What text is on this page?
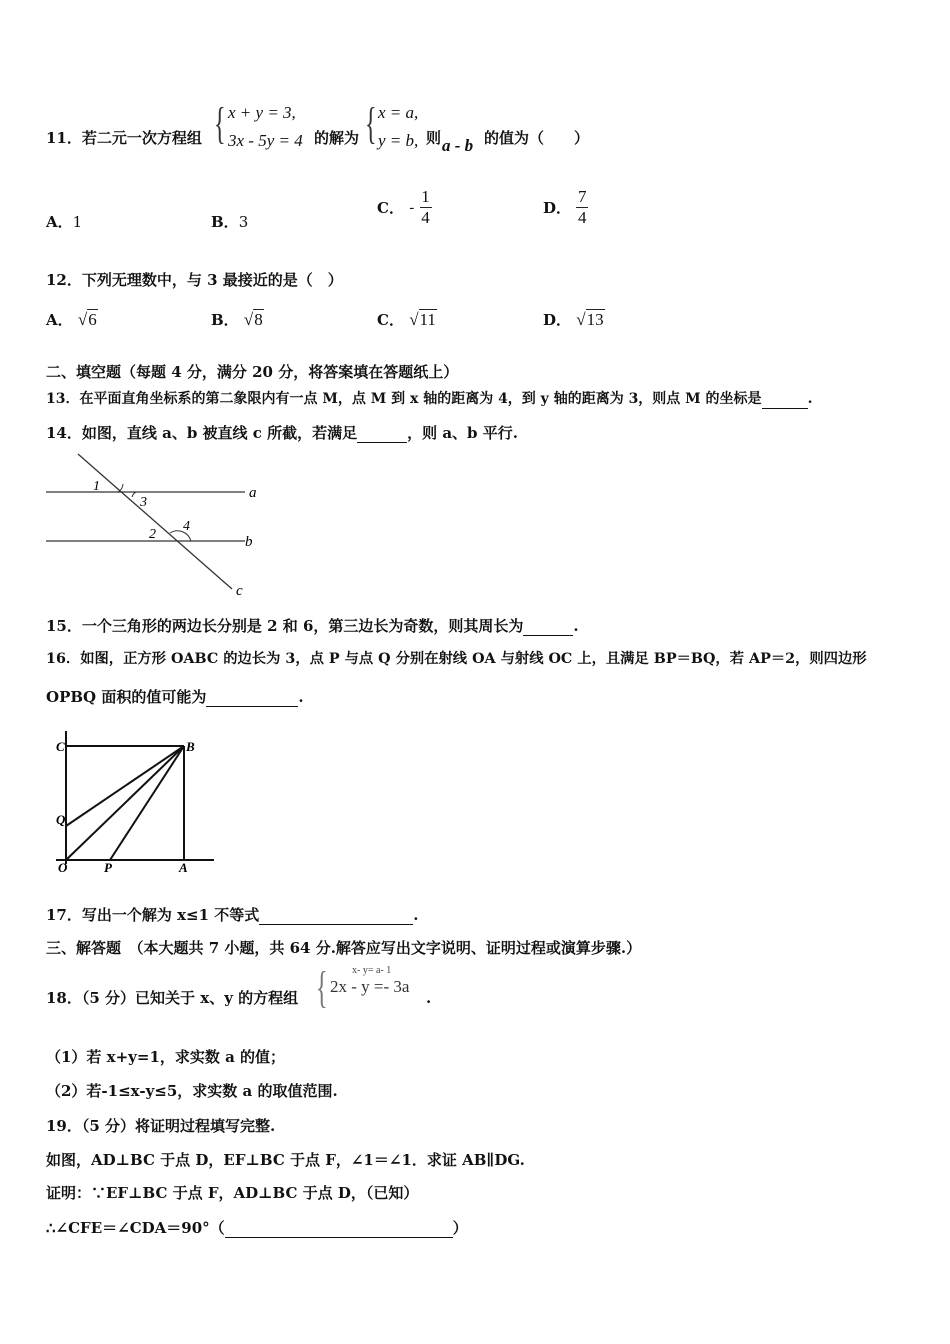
11．若二元一次方程组 { x + y = 3,
3x - 5y = 4 的解为 { x = a,
y = b, 则 a - b 的值为（　　）
A．1	B．3
C． - $\frac{1}{4}$	D． $\frac{7}{4}$
12．下列无理数中，与 3 最接近的是（　）
A． √6	B． √8	C． √11	D． √13
二、填空题（每题 4 分，满分 20 分，将答案填在答题纸上）
13．在平面直角坐标系的第二象限内有一点 M，点 M 到 x 轴的距离为 4，到 y 轴的距离为 3，则点 M 的坐标是	.
14．如图，直线 a、b 被直线 c 所截，若满足	，则 a、b 平行.
1
3
2
4
a
b
c
15．一个三角形的两边长分别是 2 和 6，第三边长为奇数，则其周长为	.
16．如图，正方形 OABC 的边长为 3，点 P 与点 Q 分别在射线 OA 与射线 OC 上，且满足 BP＝BQ，若 AP＝2，则四边形
OPBQ 面积的值可能为	.
C	B
Q
O	P	A
17．写出一个解为 x≤1 不等式	.
三、解答题　（本大题共 7 小题，共 64 分.解答应写出文字说明、证明过程或演算步骤.）
18．（5 分）已知关于 x、y 的方程组 { x- y= a- 1
2x - y =- 3a
.
（1）若 x+y=1，求实数 a 的值；
（2）若-1≤x-y≤5，求实数 a 的取值范围.
19．（5 分）将证明过程填写完整.
如图，AD⊥BC 于点 D，EF⊥BC 于点 F，∠1＝∠1．求证 AB∥DG.
证明：∵EF⊥BC 于点 F，AD⊥BC 于点 D，（已知）
∴∠CFE＝∠CDA＝90°（	）
